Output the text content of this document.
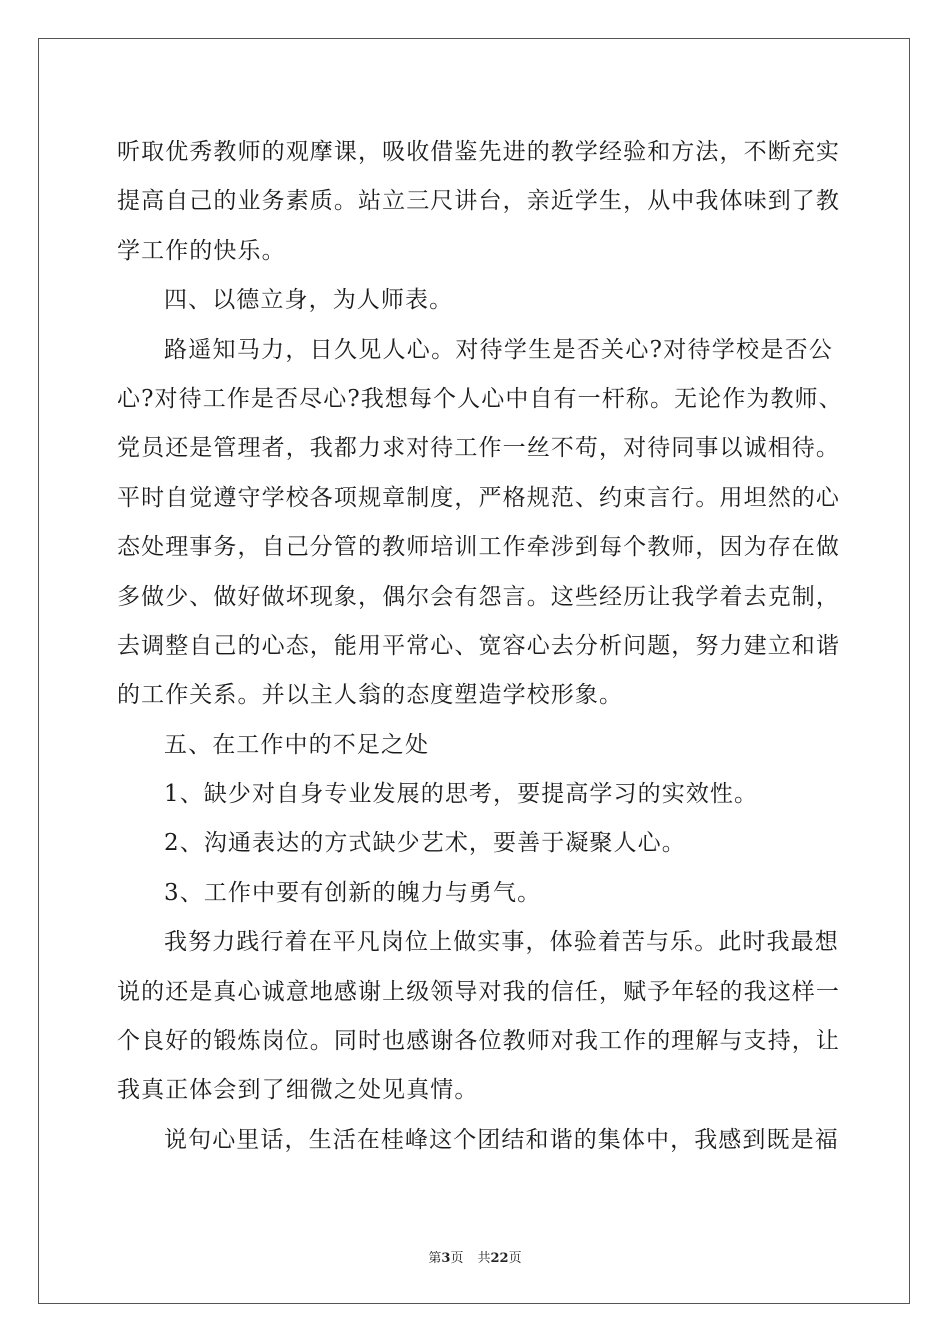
听取优秀教师的观摩课，吸收借鉴先进的教学经验和方法，不断充实
提高自己的业务素质。站立三尺讲台，亲近学生，从中我体味到了教
学工作的快乐。
四、以德立身，为人师表。
路遥知马力，日久见人心。对待学生是否关心?对待学校是否公
心?对待工作是否尽心?我想每个人心中自有一杆称。无论作为教师、
党员还是管理者，我都力求对待工作一丝不苟，对待同事以诚相待。
平时自觉遵守学校各项规章制度，严格规范、约束言行。用坦然的心
态处理事务，自己分管的教师培训工作牵涉到每个教师，因为存在做
多做少、做好做坏现象，偶尔会有怨言。这些经历让我学着去克制，
去调整自己的心态，能用平常心、宽容心去分析问题，努力建立和谐
的工作关系。并以主人翁的态度塑造学校形象。
五、在工作中的不足之处
1、缺少对自身专业发展的思考，要提高学习的实效性。
2、沟通表达的方式缺少艺术，要善于凝聚人心。
3、工作中要有创新的魄力与勇气。
我努力践行着在平凡岗位上做实事，体验着苦与乐。此时我最想
说的还是真心诚意地感谢上级领导对我的信任，赋予年轻的我这样一
个良好的锻炼岗位。同时也感谢各位教师对我工作的理解与支持，让
我真正体会到了细微之处见真情。
说句心里话，生活在桂峰这个团结和谐的集体中，我感到既是福
第3页 共22页
